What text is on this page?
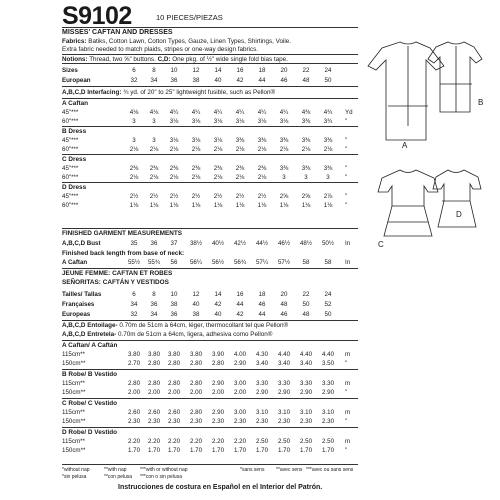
S9102	10 PIECES/PIEZAS
MISSES' CAFTAN AND DRESSES
Fabrics: Batiks, Cotton Lawn, Cotton Types, Gauze, Linen Types, Shirtings, Voile.
Extra fabric needed to match plaids, stripes or one-way design fabrics.
Notions: Thread, two ⅝" buttons. C,D: One pkg. of ½" wide single fold bias tape.
Sizes	6	8	10	12	14	16	18	20	22	24
European	32	34	36	38	40	42	44	46	48	50
A,B,C,D Interfacing: ¾ yd. of 20" to 25" lightweight fusible, such as Pellon®
A Caftan
45"***	4⅛	4⅛	4¼	4¼	4¼	4¼	4¼	4¼	4⅜	4¾	Yd
60"***	3	3	3⅛	3⅛	3⅛	3⅛	3⅛	3⅛	3⅜	3¾	"
B Dress
45"***	3	3	3⅛	3⅛	3⅛	3⅜	3⅜	3⅜	3⅜	3⅜	"
60"***	2⅛	2⅛	2⅛	2⅛	2⅛	2⅛	2⅛	2⅛	2⅛	2⅛	"
C Dress
45"***	2⅜	2⅜	2⅜	2⅜	2⅜	2⅜	2⅜	3⅜	3⅜	3⅜	"
60"***	2⅛	2⅛	2⅛	2⅛	2⅛	2⅛	2⅛	3	3	3	"
D Dress
45"***	2½	2½	2½	2½	2½	2½	2½	2⅝	2⅝	2⅞	"
60"***	1⅛	1⅛	1⅛	1⅛	1⅛	1⅛	1⅛	1⅛	1⅛	1⅛	"
FINISHED GARMENT MEASUREMENTS
A,B,C,D Bust	35	36	37	38½	40½	42½	44½	46½	48½	50½	In
Finished back length from base of neck:
A Caftan	55½	55¾	56	56¼	56½	56¾	57¼	57½	58	58	In
JEUNE FEMME: CAFTAN ET ROBES
SEÑORITAS: CAFTÁN Y VESTIDOS
Tailles/ Tallas	6	8	10	12	14	16	18	20	22	24
Françaises	34	36	38	40	42	44	46	48	50	52
Europeas	32	34	36	38	40	42	44	46	48	50
A,B,C,D Entoilage- 0.70m de 51cm à 64cm, léger, thermocollant tel que Pellon®
A,B,C,D Entretela- 0.70m de 51cm a 64cm, ligera, adhesiva como Pellon®
A Caftan/ A Caftán
115cm**	3.80	3.80	3.80	3.80	3.90	4.00	4.30	4.40	4.40	4.40	m
150cm**	2.70	2.80	2.80	2.80	2.80	2.90	3.40	3.40	3.40	3.50	"
B Robe/ B Vestido
115cm**	2.80	2.80	2.80	2.80	2.90	3.00	3.30	3.30	3.30	3.30	m
150cm**	2.00	2.00	2.00	2.00	2.00	2.00	2.90	2.90	2.90	2.90	"
C Robe/ C Vestido
115cm**	2.60	2.60	2.60	2.80	2.90	3.00	3.10	3.10	3.10	3.10	m
150cm**	2.30	2.30	2.30	2.30	2.30	2.30	2.30	2.30	2.30	2.30	"
D Robe/ D Vestido
115cm**	2.20	2.20	2.20	2.20	2.20	2.20	2.50	2.50	2.50	2.50	m
150cm**	1.70	1.70	1.70	1.70	1.70	1.70	1.70	1.70	1.70	1.70	"
*without nap	**with nap	***with or without nap	*sans sens **avec sens ***avec ou sans sens
*sin pelusa	**con pelusa ***con o sin pelusa
Instrucciones de costura en Español en el Interior del Patrón.
A
B
C
D
